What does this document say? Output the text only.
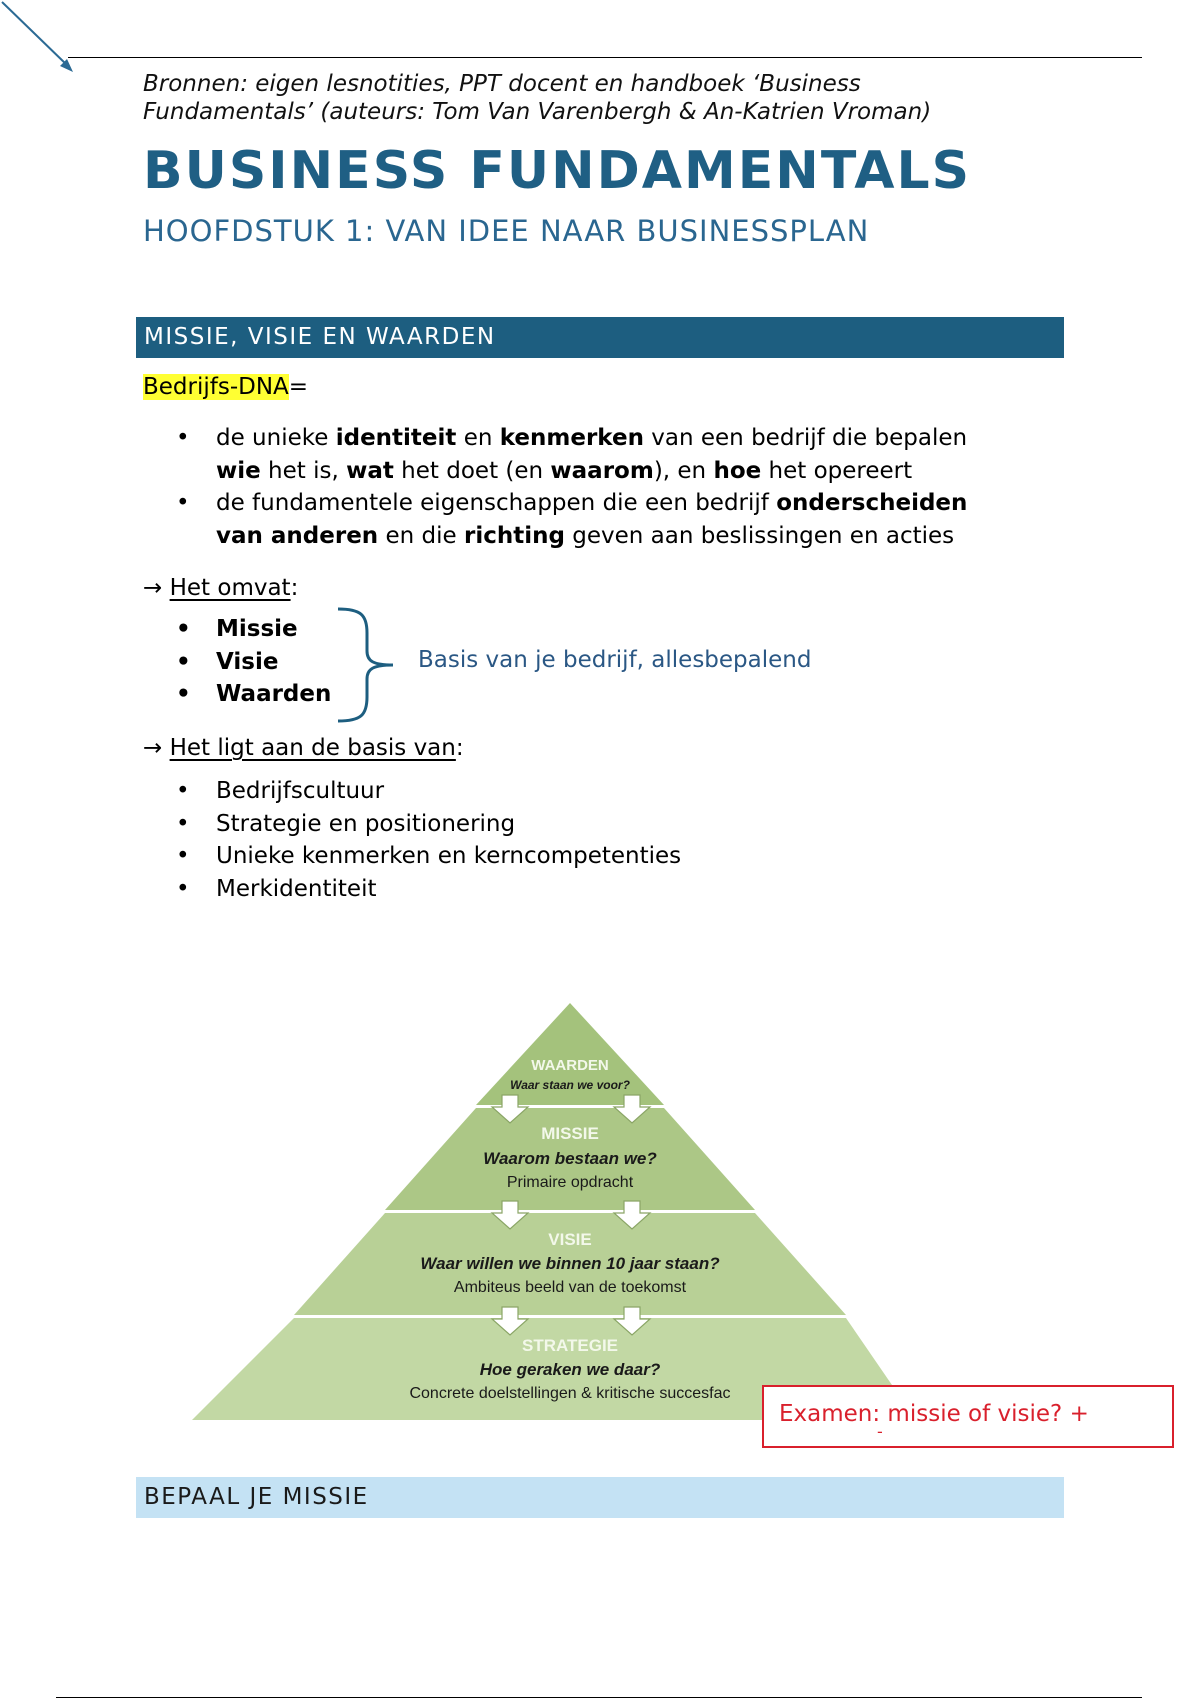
Bronnen: eigen lesnotities, PPT docent en handboek ‘Business
Fundamentals’ (auteurs: Tom Van Varenbergh & An-Katrien Vroman)
BUSINESS FUNDAMENTALS
HOOFDSTUK 1: VAN IDEE NAAR BUSINESSPLAN
MISSIE, VISIE EN WAARDEN
Bedrijfs-DNA=
• de unieke identiteit en kenmerken van een bedrijf die bepalen
wie het is, wat het doet (en waarom), en hoe het opereert
• de fundamentele eigenschappen die een bedrijf onderscheiden
van anderen en die richting geven aan beslissingen en acties
→ Het omvat:
• Missie
• Visie
• Waarden
Basis van je bedrijf, allesbepalend
→ Het ligt aan de basis van:
• Bedrijfscultuur
• Strategie en positionering
• Unieke kenmerken en kerncompetenties
• Merkidentiteit
WAARDEN
Waar staan we voor?
MISSIE
Waarom bestaan we?
Primaire opdracht
VISIE
Waar willen we binnen 10 jaar staan?
Ambiteus beeld van de toekomst
STRATEGIE
Hoe geraken we daar?
Concrete doelstellingen & kritische succesfac
Examen: missie of visie? +
-
BEPAAL JE MISSIE
